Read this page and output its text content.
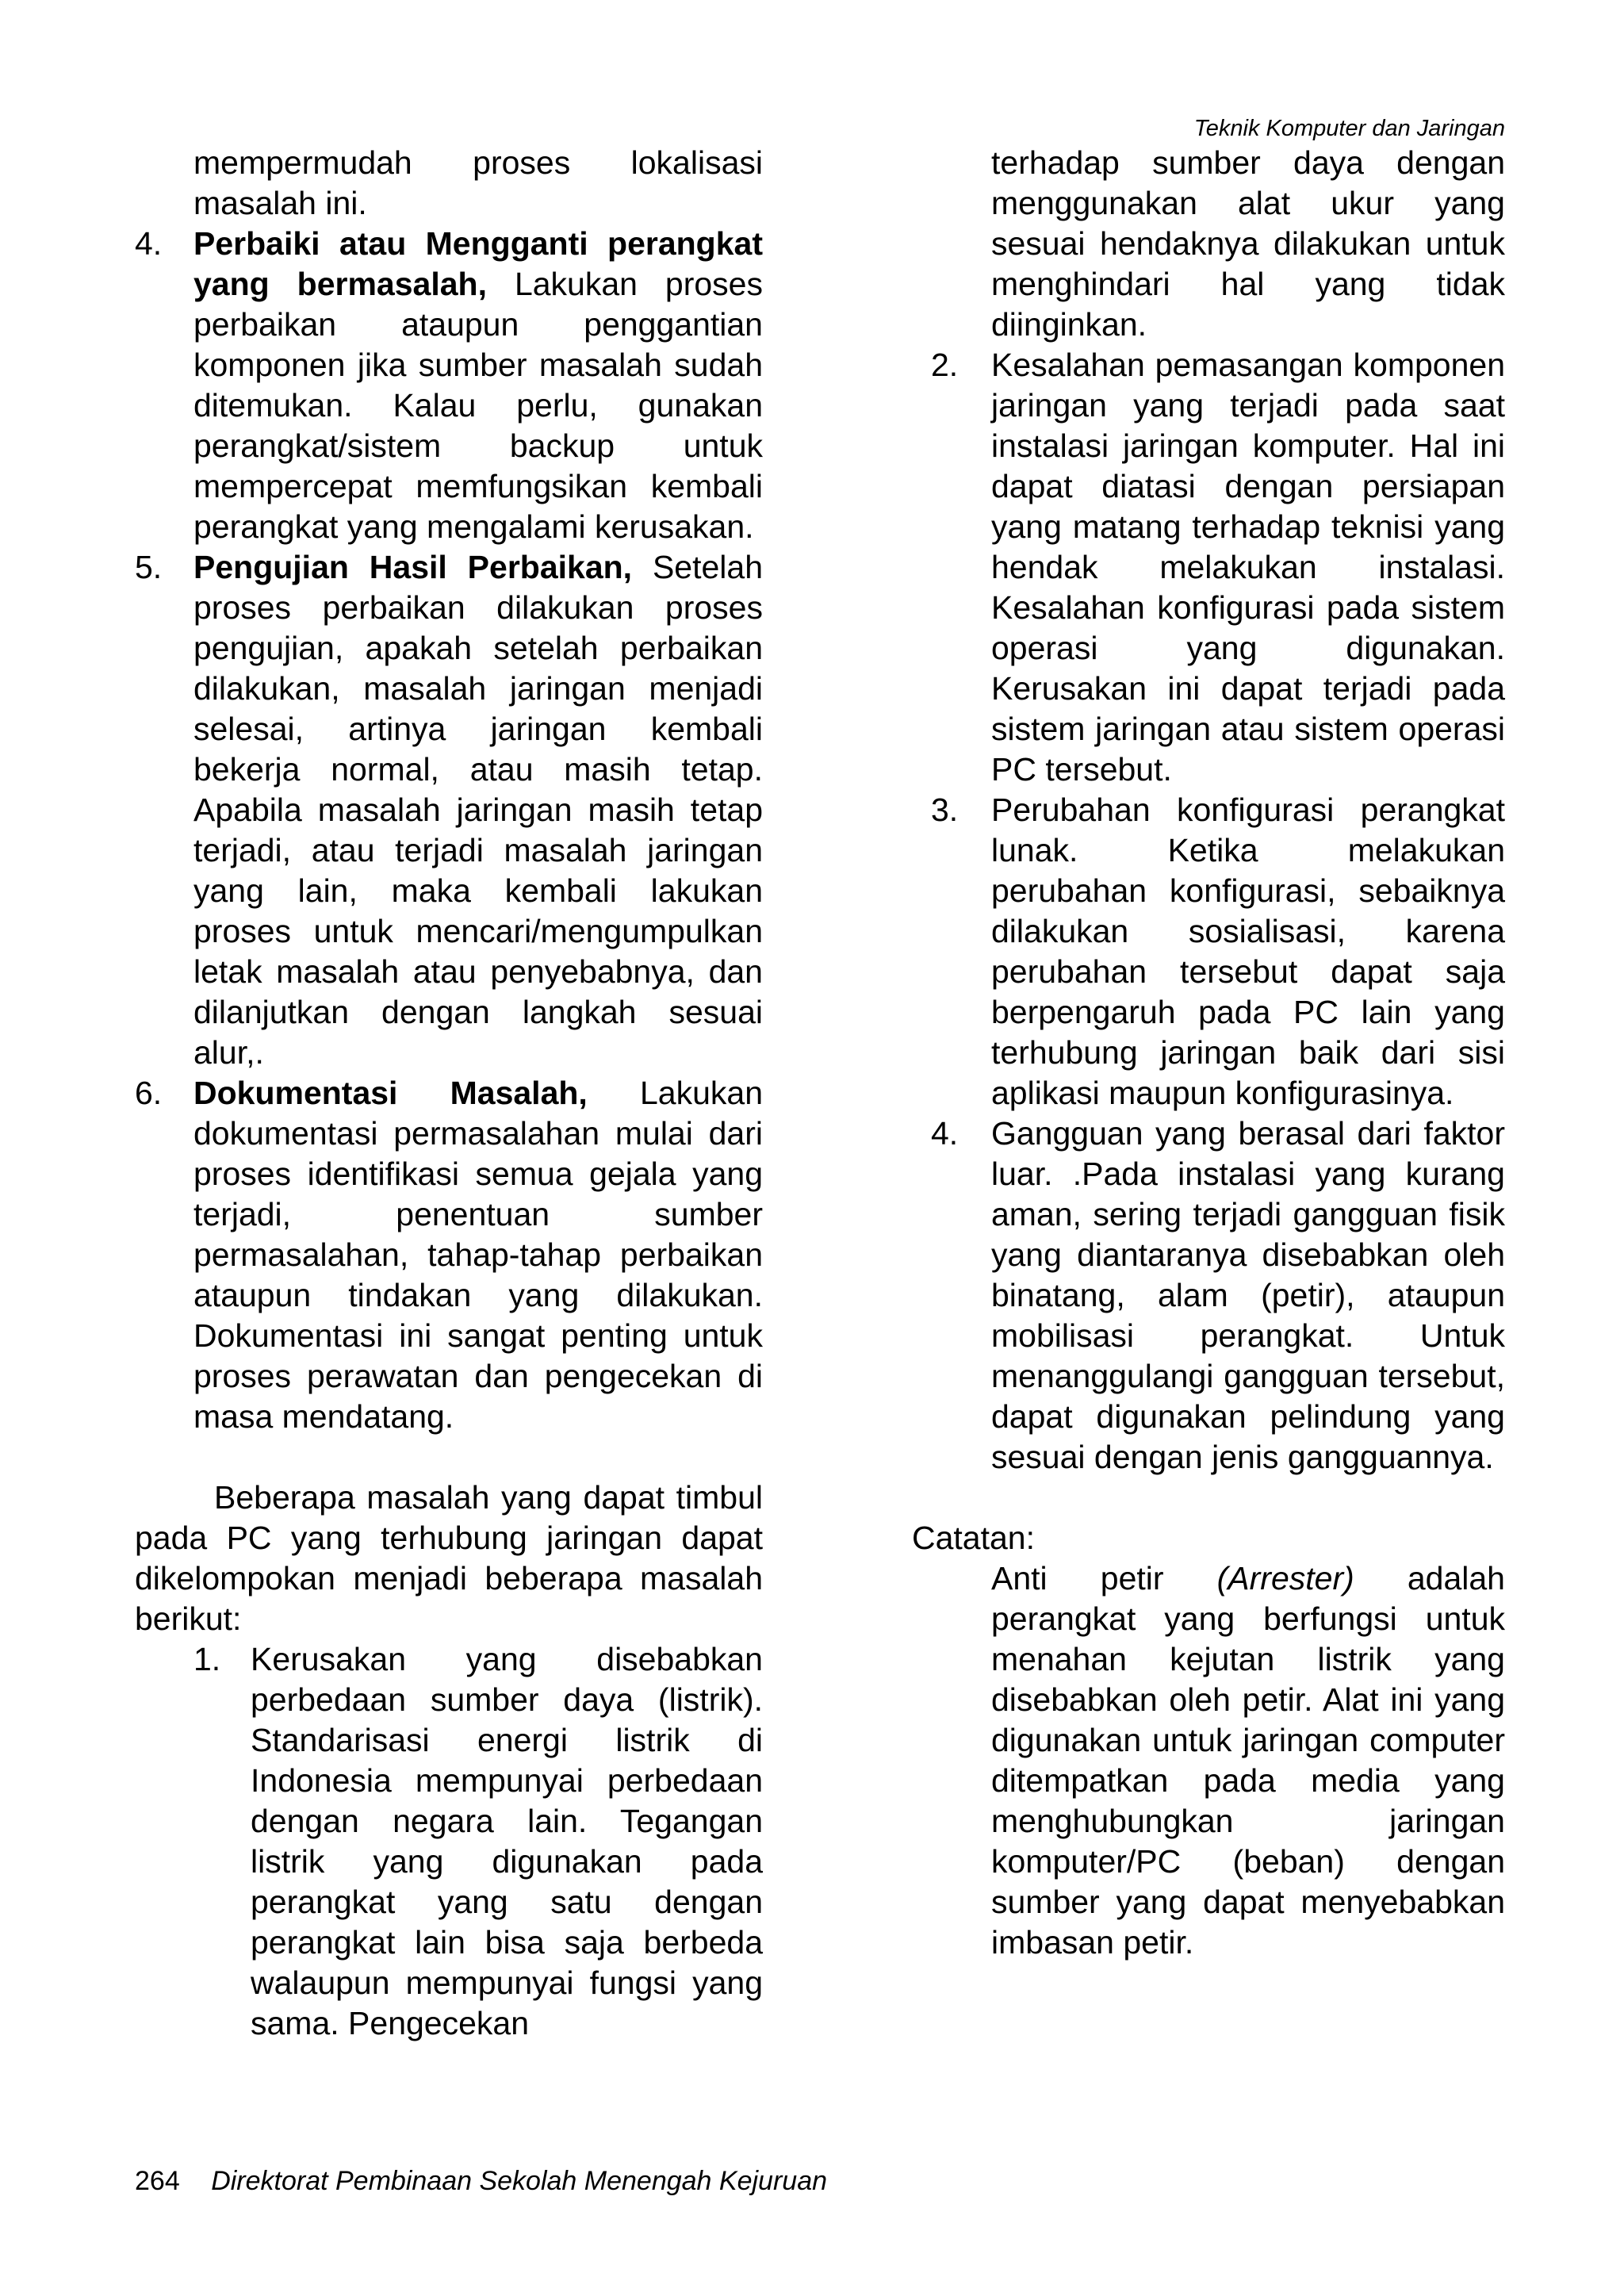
Teknik Komputer dan Jaringan
mempermudah proses lokalisasi masalah ini.
4. Perbaiki atau Mengganti perangkat yang bermasalah, Lakukan proses perbaikan ataupun penggantian komponen jika sumber masalah sudah ditemukan. Kalau perlu, gunakan perangkat/sistem backup untuk mempercepat memfungsikan kembali perangkat yang mengalami kerusakan.
5. Pengujian Hasil Perbaikan, Setelah proses perbaikan dilakukan proses pengujian, apakah setelah perbaikan dilakukan, masalah jaringan menjadi selesai, artinya jaringan kembali bekerja normal, atau masih tetap. Apabila masalah jaringan masih tetap terjadi, atau terjadi masalah jaringan yang lain, maka kembali lakukan proses untuk mencari/mengumpulkan letak masalah atau penyebabnya, dan dilanjutkan dengan langkah sesuai alur,.
6. Dokumentasi Masalah, Lakukan dokumentasi permasalahan mulai dari proses identifikasi semua gejala yang terjadi, penentuan sumber permasalahan, tahap-tahap perbaikan ataupun tindakan yang dilakukan. Dokumentasi ini sangat penting untuk proses perawatan dan pengecekan di masa mendatang.
Beberapa masalah yang dapat timbul pada PC yang terhubung jaringan dapat dikelompokan menjadi beberapa masalah berikut:
1. Kerusakan yang disebabkan perbedaan sumber daya (listrik). Standarisasi energi listrik di Indonesia mempunyai perbedaan dengan negara lain. Tegangan listrik yang digunakan pada perangkat yang satu dengan perangkat lain bisa saja berbeda walaupun mempunyai fungsi yang sama. Pengecekan
terhadap sumber daya dengan menggunakan alat ukur yang sesuai hendaknya dilakukan untuk menghindari hal yang tidak diinginkan.
2. Kesalahan pemasangan komponen jaringan yang terjadi pada saat instalasi jaringan komputer. Hal ini dapat diatasi dengan persiapan yang matang terhadap teknisi yang hendak melakukan instalasi. Kesalahan konfigurasi pada sistem operasi yang digunakan. Kerusakan ini dapat terjadi pada sistem jaringan atau sistem operasi PC tersebut.
3. Perubahan konfigurasi perangkat lunak. Ketika melakukan perubahan konfigurasi, sebaiknya dilakukan sosialisasi, karena perubahan tersebut dapat saja berpengaruh pada PC lain yang terhubung jaringan baik dari sisi aplikasi maupun konfigurasinya.
4. Gangguan yang berasal dari faktor luar. .Pada instalasi yang kurang aman, sering terjadi gangguan fisik yang diantaranya disebabkan oleh binatang, alam (petir), ataupun mobilisasi perangkat. Untuk menanggulangi gangguan tersebut, dapat digunakan pelindung yang sesuai dengan jenis gangguannya.
Catatan:
Anti petir (Arrester) adalah perangkat yang berfungsi untuk menahan kejutan listrik yang disebabkan oleh petir. Alat ini yang digunakan untuk jaringan computer ditempatkan pada media yang menghubungkan jaringan komputer/PC (beban) dengan sumber yang dapat menyebabkan imbasan petir.
264 Direktorat Pembinaan Sekolah Menengah Kejuruan
